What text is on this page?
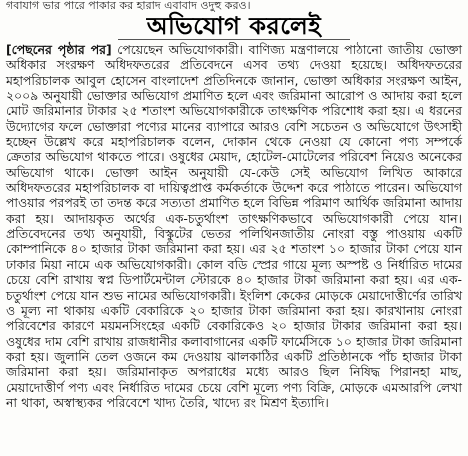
গবাযাগ ভার পারে পাকার কর হারাদ এবাবাদ ওদুহু করও।
অভিযোগ করলেই
[পেছনের পৃষ্ঠার পর] পেয়েছেন অভিযোগকারী। বাণিজ্য মন্ত্রণালয়ে পাঠানো জাতীয় ভোক্তা অধিকার সংরক্ষণ অধিদফতরের প্রতিবেদনে এসব তথ্য দেওয়া হয়েছে। অধিদফতরের মহাপরিচালক আবুল হোসেন বাংলাদেশ প্রতিদিনকে জানান, ভোক্তা অধিকার সংরক্ষণ আইন, ২০০৯ অনুযায়ী ভোক্তার অভিযোগ প্রমাণিত হলে এবং জরিমানা আরোপ ও আদায় করা হলে মোট জরিমানার টাকার ২৫ শতাংশ অভিযোগকারীকে তাৎক্ষণিক পরিশোধ করা হয়। এ ধরনের উদ্যোগের ফলে ভোক্তারা পণ্যের মানের ব্যাপারে আরও বেশি সচেতন ও অভিযোগে উৎসাহী হচ্ছেন উল্লেখ করে মহাপরিচালক বলেন, দোকান থেকে নেওয়া যে কোনো পণ্য সম্পর্কে ক্রেতার অভিযোগ থাকতে পারে। ওষুধের মেয়াদ, হোটেল-মোটেলের পরিবেশ নিয়েও অনেকের অভিযোগ থাকে। ভোক্তা আইন অনুযায়ী যে-কেউ সেই অভিযোগ লিখিত আকারে অধিদফতরের মহাপরিচালক বা দায়িত্বপ্রাপ্ত কর্মকর্তাকে উদ্দেশ করে পাঠাতে পারেন। অভিযোগ পাওয়ার পরপরই তা তদন্ত করে সত্যতা প্রমাণিত হলে বিভিন্ন পরিমাণ আর্থিক জরিমানা আদায় করা হয়। আদায়কৃত অর্থের এক-চতুর্থাংশ তাৎক্ষণিকভাবে অভিযোগকারী পেয়ে যান। প্রতিবেদনের তথ্য অনুযায়ী, বিস্কুটের ভেতর পলিথিনজাতীয় নোংরা বস্তু পাওয়ায় একটি কোম্পানিকে ৪০ হাজার টাকা জরিমানা করা হয়। এর ২৫ শতাংশ ১০ হাজার টাকা পেয়ে যান ঢাকার মিয়া নামে এক অভিযোগকারী। কোল বডি স্প্রের গায়ে মূল্য অস্পষ্ট ও নির্ধারিত দামের চেয়ে বেশি রাখায় স্বপ্ন ডিপার্টমেন্টাল স্টোরকে ৪০ হাজার টাকা জরিমানা করা হয়। এর এক-চতুর্থাংশ পেয়ে যান শুভ নামের অভিযোগকারী। ইংলিশ কেকের মোড়কে মেয়াদোত্তীর্ণের তারিখ ও মূল্য না থাকায় একটি বেকারিকে ২০ হাজার টাকা জরিমানা করা হয়। কারখানায় নোংরা পরিবেশের কারণে ময়মনসিংহের একটি বেকারিকেও ২০ হাজার টাকার জরিমানা করা হয়। ওষুধের দাম বেশি রাখায় রাজধানীর কলাবাগানের একটি ফার্মেসিকে ১০ হাজার টাকা জরিমানা করা হয়। জুলানি তেল ওজনে কম দেওয়ায় ঝালকাঠির একটি প্রতিষ্ঠানকে পাঁচ হাজার টাকা জরিমানা করা হয়। জরিমানাকৃত অপরাধের মধ্যে আরও ছিল নিষিদ্ধ পিরানহা মাছ, মেয়াদোত্তীর্ণ পণ্য এবং নির্ধারিত দামের চেয়ে বেশি মূল্যে পণ্য বিক্রি, মোড়কে এমআরপি লেখা না থাকা, অস্বাস্থ্যকর পরিবেশে খাদ্য তৈরি, খাদ্যে রং মিশ্রণ ইত্যাদি।
